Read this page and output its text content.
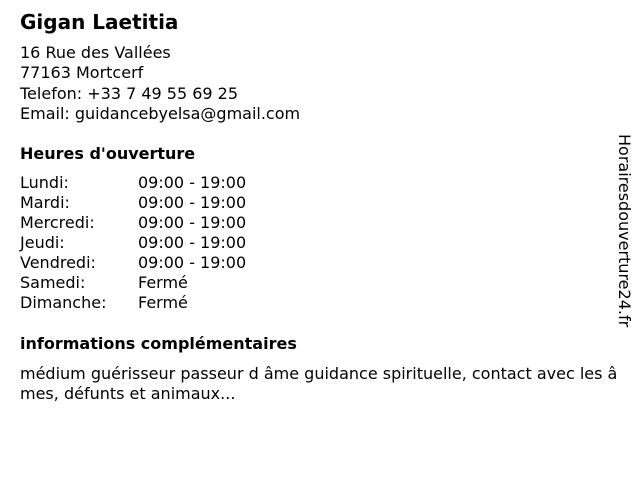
Gigan Laetitia
16 Rue des Vallées
77163 Mortcerf
Telefon: +33 7 49 55 69 25
Email: guidancebyelsa@gmail.com
Heures d'ouverture
Lundi:	09:00 - 19:00
Mardi:	09:00 - 19:00
Mercredi:	09:00 - 19:00
Jeudi:	09:00 - 19:00
Vendredi:	09:00 - 19:00
Samedi:	Fermé
Dimanche: Fermé
informations complémentaires
médium guérisseur passeur d âme guidance spirituelle, contact avec les âmes, défunts et animaux...
Horairesdouverture24.fr
